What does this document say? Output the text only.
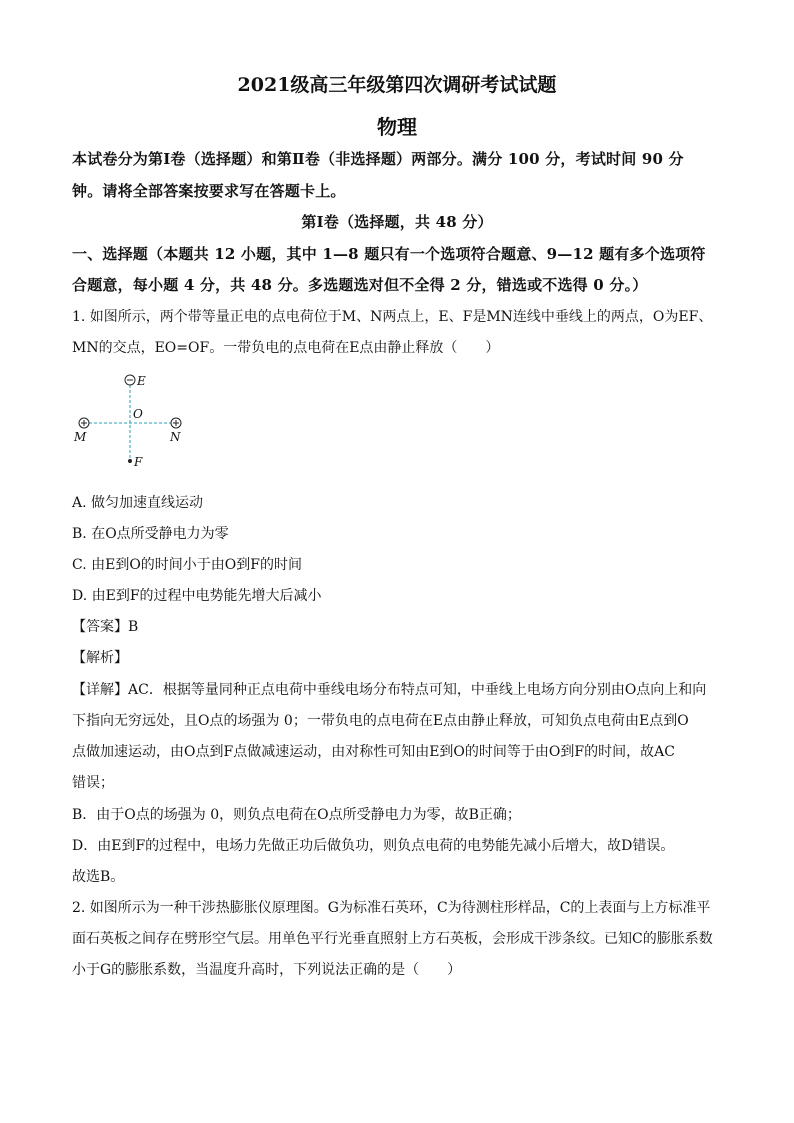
2021级高三年级第四次调研考试试题
物理
本试卷分为第Ⅰ卷（选择题）和第Ⅱ卷（非选择题）两部分。满分 100 分，考试时间 90 分
钟。请将全部答案按要求写在答题卡上。
第Ⅰ卷（选择题，共 48 分）
一、选择题（本题共 12 小题，其中 1—8 题只有一个选项符合题意、9—12 题有多个选项符
合题意，每小题 4 分，共 48 分。多选题选对但不全得 2 分，错选或不选得 0 分。）
1. 如图所示，两个带等量正电的点电荷位于M、N两点上，E、F是MN连线中垂线上的两点，O为EF、
MN的交点，EO=OF。一带负电的点电荷在E点由静止释放（　　）
E
O
M	N
F
A. 做匀加速直线运动
B. 在O点所受静电力为零
C. 由E到O的时间小于由O到F的时间
D. 由E到F的过程中电势能先增大后减小
【答案】B
【解析】
【详解】AC．根据等量同种正点电荷中垂线电场分布特点可知，中垂线上电场方向分别由O点向上和向
下指向无穷远处，且O点的场强为 0；一带负电的点电荷在E点由静止释放，可知负点电荷由E点到O
点做加速运动，由O点到F点做减速运动，由对称性可知由E到O的时间等于由O到F的时间，故AC
错误；
B．由于O点的场强为 0，则负点电荷在O点所受静电力为零，故B正确；
D．由E到F的过程中，电场力先做正功后做负功，则负点电荷的电势能先减小后增大，故D错误。
故选B。
2. 如图所示为一种干涉热膨胀仪原理图。G为标准石英环，C为待测柱形样品，C的上表面与上方标准平
面石英板之间存在劈形空气层。用单色平行光垂直照射上方石英板，会形成干涉条纹。已知C的膨胀系数
小于G的膨胀系数，当温度升高时，下列说法正确的是（　　）
